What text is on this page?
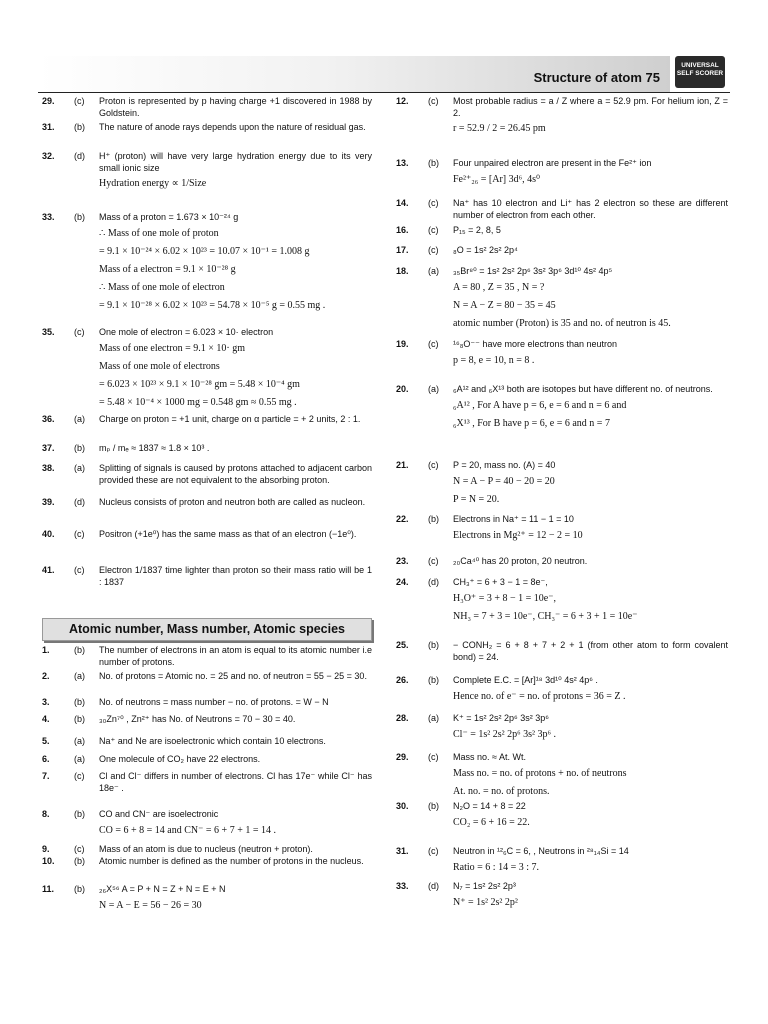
Structure of atom 75
UNIVERSAL SELF SCORER
Atomic number, Mass number, Atomic species
29. (c) Proton is represented by p having charge +1 discovered in 1988 by Goldstein.
31. (b) The nature of anode rays depends upon the nature of residual gas.
32. (d) H⁺ (proton) will have very large hydration energy due to its very small ionic size
Hydration energy ∝ 1/Size
33. (b) Mass of a proton = 1.673 × 10⁻²⁴ g
∴ Mass of one mole of proton
= 9.1 × 10⁻²⁴ × 6.02 × 10²³ = 10.07 × 10⁻¹ = 1.008 g
Mass of a electron = 9.1 × 10⁻²⁸ g
∴ Mass of one mole of electron
= 9.1 × 10⁻²⁸ × 6.02 × 10²³ = 54.78 × 10⁻⁵ g = 0.55 mg .
35. (c) One mole of electron = 6.023 × 10· electron
Mass of one electron = 9.1 × 10· gm
Mass of one mole of electrons
= 6.023 × 10²³ × 9.1 × 10⁻²⁸ gm = 5.48 × 10⁻⁴ gm
= 5.48 × 10⁻⁴ × 1000 mg = 0.548 gm ≈ 0.55 mg .
36. (a) Charge on proton = +1 unit, charge on α particle = + 2 units, 2 : 1.
37. (b) mₚ / mₑ ≈ 1837 ≈ 1.8 × 10³ .
38. (a) Splitting of signals is caused by protons attached to adjacent carbon provided these are not equivalent to the absorbing proton.
39. (d) Nucleus consists of proton and neutron both are called as nucleon.
40. (c) Positron (+1e⁰) has the same mass as that of an electron (−1e⁰).
41. (c) Electron 1/1837 time lighter than proton so their mass ratio will be 1 : 1837
1.	(b) The number of electrons in an atom is equal to its atomic number i.e number of protons.
2.	(a) No. of protons = Atomic no. = 25 and no. of neutron = 55 − 25 = 30.
3.	(b) No. of neutrons = mass number − no. of protons. = W − N
4.	(b) ₃₀Zn⁷⁰ , Zn²⁺ has No. of Neutrons = 70 − 30 = 40.
5.	(a) Na⁺ and Ne are isoelectronic which contain 10 electrons.
6.	(a) One molecule of CO₂ have 22 electrons.
7.	(c) Cl and Cl⁻ differs in number of electrons. Cl has 17e⁻ while Cl⁻ has 18e⁻ .
8.	(b) CO and CN⁻ are isoelectronic
CO = 6 + 8 = 14 and CN⁻ = 6 + 7 + 1 = 14 .
9.	(c) Mass of an atom is due to nucleus (neutron + proton).
10. (b) Atomic number is defined as the number of protons in the nucleus.
11. (b) ₂₆X⁵⁶ A = P + N = Z + N = E + N
N = A − E = 56 − 26 = 30
12. (c) Most probable radius = a / Z where a = 52.9 pm. For helium ion, Z = 2.
r = 52.9 / 2 = 26.45 pm
13. (b) Four unpaired electron are present in the Fe²⁺ ion
Fe²⁺₂₆ = [Ar] 3d⁶, 4s⁰
14. (c) Na⁺ has 10 electron and Li⁺ has 2 electron so these are different number of electron from each other.
16. (c) P₁₅ = 2, 8, 5
17. (c) ₈O = 1s² 2s² 2p⁴
18. (a) ₃₅Br⁸⁰ = 1s² 2s² 2p⁶ 3s² 3p⁶ 3d¹⁰ 4s² 4p⁵
A = 80 , Z = 35 , N = ?
N = A − Z = 80 − 35 = 45
atomic number (Proton) is 35 and no. of neutron is 45.
19. (c) ¹⁶₈O⁻⁻ have more electrons than neutron
p = 8, e = 10, n = 8 .
20. (a) ₆A¹² and ₆X¹³ both are isotopes but have different no. of neutrons.
₆A¹² , For A have p = 6, e = 6 and n = 6 and
₆X¹³ , For B have p = 6, e = 6 and n = 7
21. (c) P = 20, mass no. (A) = 40
N = A − P = 40 − 20 = 20
P = N = 20.
22. (b) Electrons in Na⁺ = 11 − 1 = 10
Electrons in Mg²⁺ = 12 − 2 = 10
23. (c) ₂₀Ca⁴⁰ has 20 proton, 20 neutron.
24. (d) CH₃⁺ = 6 + 3 − 1 = 8e⁻,
H₃O⁺ = 3 + 8 − 1 = 10e⁻,
NH₃ = 7 + 3 = 10e⁻, CH₃⁻ = 6 + 3 + 1 = 10e⁻
25. (b) − CONH₂ = 6 + 8 + 7 + 2 + 1 (from other atom to form covalent bond) = 24.
26. (b) Complete E.C. = [Ar]¹⁸ 3d¹⁰ 4s² 4p⁶ .
Hence no. of e⁻ = no. of protons = 36 = Z .
28. (a) K⁺ = 1s² 2s² 2p⁶ 3s² 3p⁶
Cl⁻ = 1s² 2s² 2p⁶ 3s² 3p⁶ .
29. (c) Mass no. ≈ At. Wt.
Mass no. = no. of protons + no. of neutrons
At. no. = no. of protons.
30. (b) N₂O = 14 + 8 = 22
CO₂ = 6 + 16 = 22.
31. (c) Neutron in ¹²₆C = 6, , Neutrons in ²⁸₁₄Si = 14
Ratio = 6 : 14 = 3 : 7.
33. (d) N₇ = 1s² 2s² 2p³
N⁺ = 1s² 2s² 2p²
